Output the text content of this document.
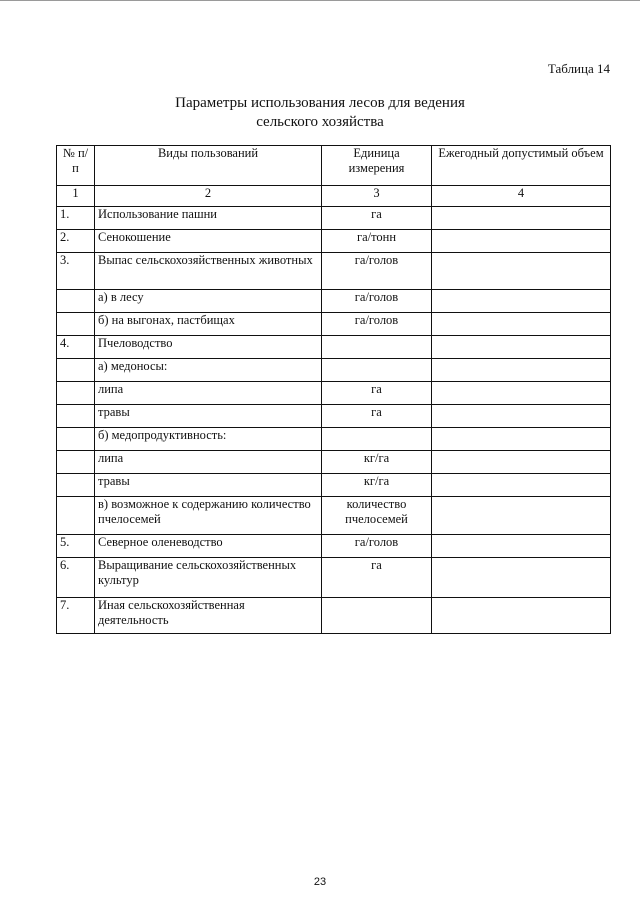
Таблица 14
Параметры использования лесов для ведения
сельского хозяйства
№ п/п	Виды пользований	Единица измерения	Ежегодный допустимый объем
1	2	3	4
1.	Использование пашни	га	
2.	Сенокошение	га/тонн	
3.	Выпас сельскохозяйственных животных	га/голов	
	а) в лесу	га/голов	
	б) на выгонах, пастбищах	га/голов	
4.	Пчеловодство		
	а) медоносы:		
	липа	га	
	травы	га	
	б) медопродуктивность:		
	липа	кг/га	
	травы	кг/га	
	в) возможное к содержанию количество пчелосемей	количество пчелосемей	
5.	Северное оленеводство	га/голов	
6.	Выращивание сельскохозяйственных культур	га	
7.	Иная сельскохозяйственная деятельность		
23
